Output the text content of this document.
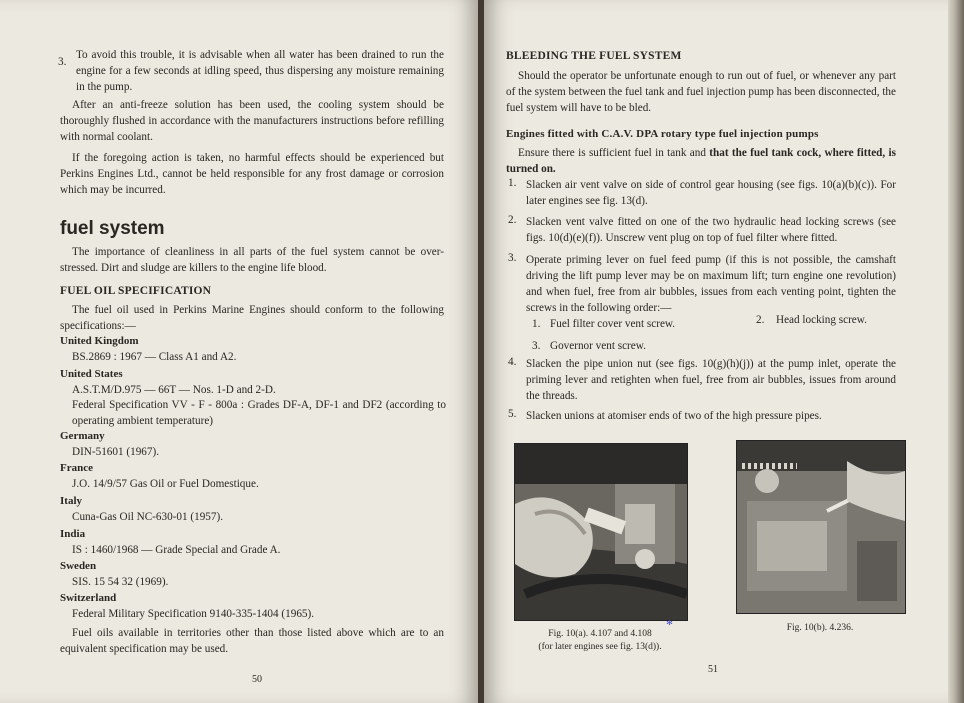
3.

To avoid this trouble, it is advisable when all water has been drained to run the engine for a few seconds at idling speed, thus dispersing any moisture remaining in the pump.

After an anti-freeze solution has been used, the cooling system should be thoroughly flushed in accordance with the manufacturers instructions before refilling with normal coolant.

If the foregoing action is taken, no harmful effects should be experienced but Perkins Engines Ltd., cannot be held responsible for any frost damage or corrosion which may be incurred.

fuel system

The importance of cleanliness in all parts of the fuel system cannot be over-stressed. Dirt and sludge are killers to the engine life blood.

FUEL OIL SPECIFICATION

The fuel oil used in Perkins Marine Engines should conform to the following specifications:—

United Kingdom
BS.2869 : 1967 — Class A1 and A2.
United States
A.S.T.M/D.975 — 66T — Nos. 1-D and 2-D.
Federal Specification VV - F - 800a : Grades DF-A, DF-1 and DF2 (according to operating ambient temperature)
Germany
DIN-51601 (1967).
France
J.O. 14/9/57 Gas Oil or Fuel Domestique.
Italy
Cuna-Gas Oil NC-630-01 (1957).
India
IS : 1460/1968 — Grade Special and Grade A.
Sweden
SIS. 15 54 32 (1969).
Switzerland
Federal Military Specification 9140-335-1404 (1965).

Fuel oils available in territories other than those listed above which are to an equivalent specification may be used.

50
BLEEDING THE FUEL SYSTEM

Should the operator be unfortunate enough to run out of fuel, or whenever any part of the system between the fuel tank and fuel injection pump has been disconnected, the fuel system will have to be bled.

Engines fitted with C.A.V. DPA rotary type fuel injection pumps

Ensure there is sufficient fuel in tank and that the fuel tank cock, where fitted, is turned on.

1. Slacken air vent valve on side of control gear housing (see figs. 10(a)(b)(c)). For later engines see fig. 13(d).

2. Slacken vent valve fitted on one of the two hydraulic head locking screws (see figs. 10(d)(e)(f)). Unscrew vent plug on top of fuel filter where fitted.

3. Operate priming lever on fuel feed pump (if this is not possible, the camshaft driving the lift pump lever may be on maximum lift; turn engine one revolution) and when fuel, free from air bubbles, issues from each venting point, tighten the screws in the following order:—

1. Fuel filter cover vent screw.	2. Head locking screw.
3. Governor vent screw.
4. Slacken the pipe union nut (see figs. 10(g)(h)(j)) at the pump inlet, operate the priming lever and retighten when fuel, free from air bubbles, issues from around the threads.

5. Slacken unions at atomiser ends of two of the high pressure pipes.

Fig. 10(a). 4.107 and 4.108
(for later engines see fig. 13(d)).
*	Fig. 10(b). 4.236.
51
